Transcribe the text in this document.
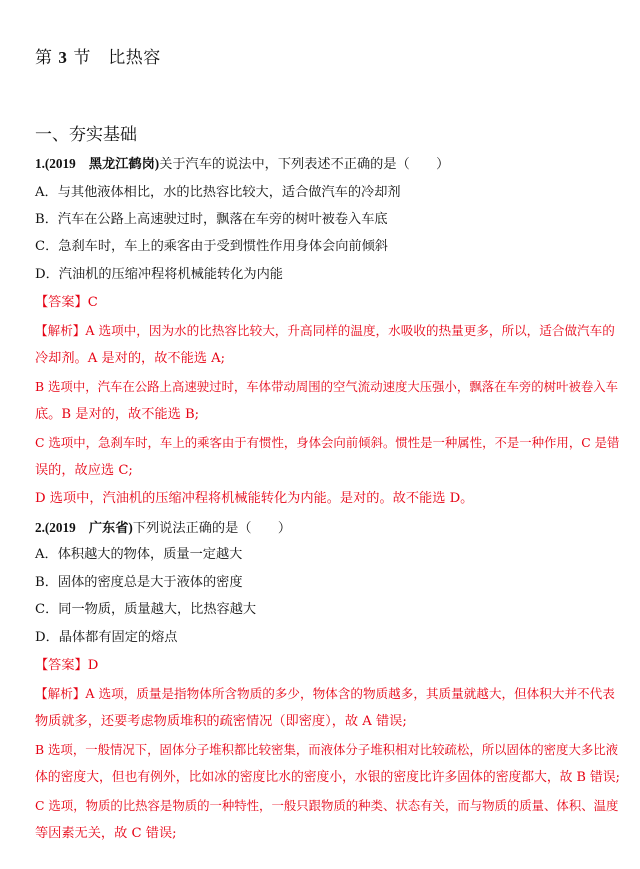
第 3 节　比热容
一、夯实基础
1.(2019　黑龙江鹤岗)关于汽车的说法中，下列表述不正确的是（　　）
A．与其他液体相比，水的比热容比较大，适合做汽车的冷却剂
B．汽车在公路上高速驶过时，飘落在车旁的树叶被卷入车底
C．急刹车时，车上的乘客由于受到惯性作用身体会向前倾斜
D．汽油机的压缩冲程将机械能转化为内能
【答案】C
【解析】A 选项中，因为水的比热容比较大，升高同样的温度，水吸收的热量更多，所以，适合做汽车的
冷却剂。A 是对的，故不能选 A;
B 选项中，汽车在公路上高速驶过时，车体带动周围的空气流动速度大压强小，飘落在车旁的树叶被卷入车
底。B 是对的，故不能选 B;
C 选项中，急刹车时，车上的乘客由于有惯性，身体会向前倾斜。惯性是一种属性，不是一种作用，C 是错
误的，故应选 C;
D 选项中，汽油机的压缩冲程将机械能转化为内能。是对的。故不能选 D。
2.(2019　广东省)下列说法正确的是（　　）
A．体积越大的物体，质量一定越大
B．固体的密度总是大于液体的密度
C．同一物质，质量越大，比热容越大
D．晶体都有固定的熔点
【答案】D
【解析】A 选项，质量是指物体所含物质的多少，物体含的物质越多，其质量就越大，但体积大并不代表
物质就多，还要考虑物质堆积的疏密情况（即密度），故 A 错误;
B 选项，一般情况下，固体分子堆积都比较密集，而液体分子堆积相对比较疏松，所以固体的密度大多比液
体的密度大，但也有例外，比如冰的密度比水的密度小，水银的密度比许多固体的密度都大，故 B 错误;
C 选项，物质的比热容是物质的一种特性，一般只跟物质的种类、状态有关，而与物质的质量、体积、温度
等因素无关，故 C 错误;
